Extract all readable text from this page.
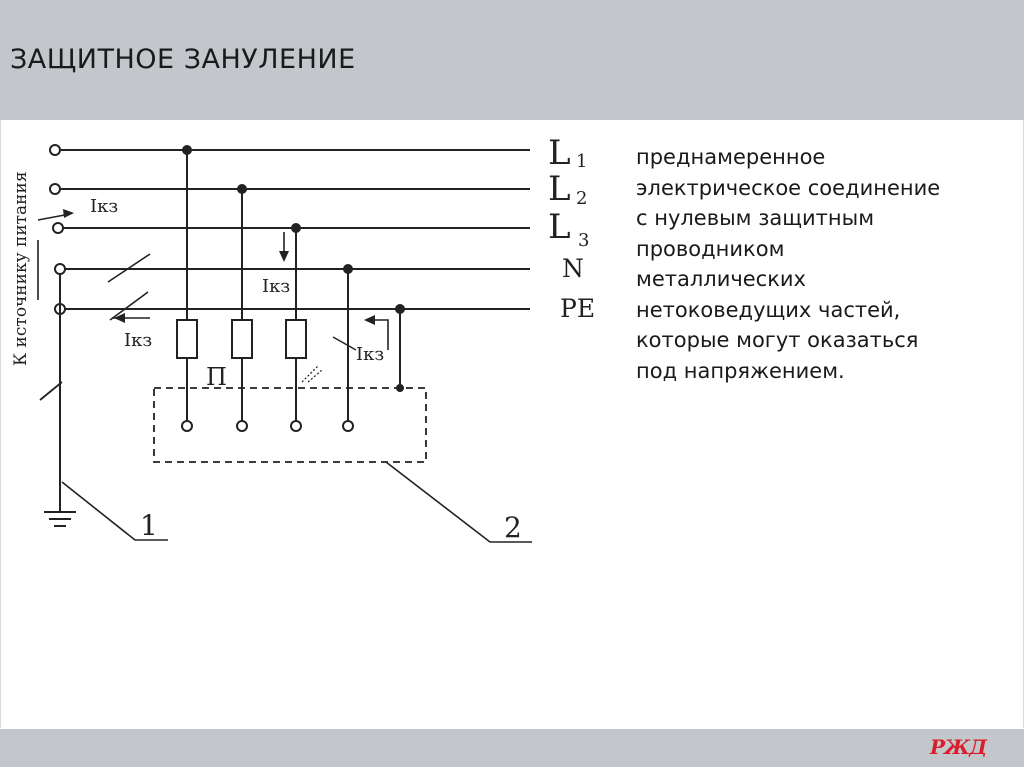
ЗАЩИТНОЕ ЗАНУЛЕНИЕ
L 1
L 2
L 3
N
PE
Iкз
Iкз
Iкз
Iкз
П
1	2
К источнику питания
преднамеренное
электрическое соединение
с нулевым защитным
проводником
металлических
нетоковедущих частей,
которые могут оказаться
под напряжением.
РЖД
